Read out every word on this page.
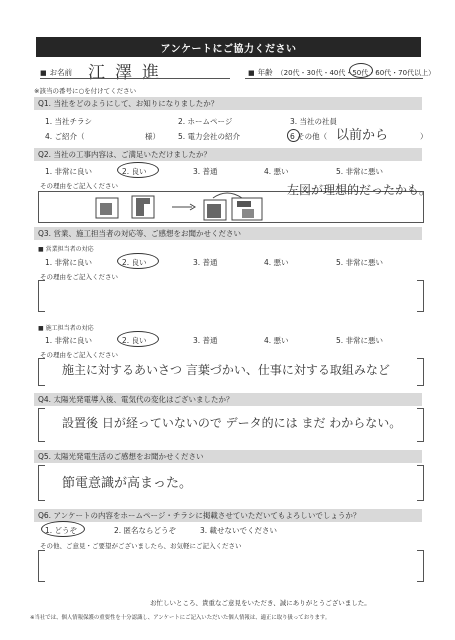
アンケートにご協力ください
■ お名前 江澤進	■ 年齢 （20代・30代・40代・50代・60代・70代以上）
※該当の番号に○を付けてください
Q1. 当社をどのようにして、お知りになりましたか？
1. 当社チラシ	2. ホームページ	3. 当社の社員
4. ご紹介（	様） 5. 電力会社の紹介	6 その他（ 以前から	）
Q2. 当社の工事内容は、ご満足いただけましたか？
1. 非常に良い	2. 良い	3. 普通	4. 悪い	5. 非常に悪い
その理由をご記入ください	左図が理想的だったかも。
Q3. 営業、施工担当者の対応等、ご感想をお聞かせください
■ 営業担当者の対応
1. 非常に良い	2. 良い	3. 普通	4. 悪い	5. 非常に悪い
その理由をご記入ください
■ 施工担当者の対応
1. 非常に良い	2. 良い	3. 普通	4. 悪い	5. 非常に悪い
その理由をご記入ください
施主に対するあいさつ 言葉づかい、仕事に対する取組みなど
Q4. 太陽光発電導入後、電気代の変化はございましたか？
設置後 日が経っていないので データ的には まだ わからない。
Q5. 太陽光発電生活のご感想をお聞かせください
節電意識が高まった。
Q6. アンケートの内容をホームページ・チラシに掲載させていただいてもよろしいでしょうか？
1. どうぞ	2. 匿名ならどうぞ	3. 載せないでください
その他、ご意見・ご要望がございましたら、お気軽にご記入ください
お忙しいところ、貴重なご意見をいただき、誠にありがとうございました。
※当社では、個人情報保護の重要性を十分認識し、アンケートにご記入いただいた個人情報は、適正に取り扱っております。
